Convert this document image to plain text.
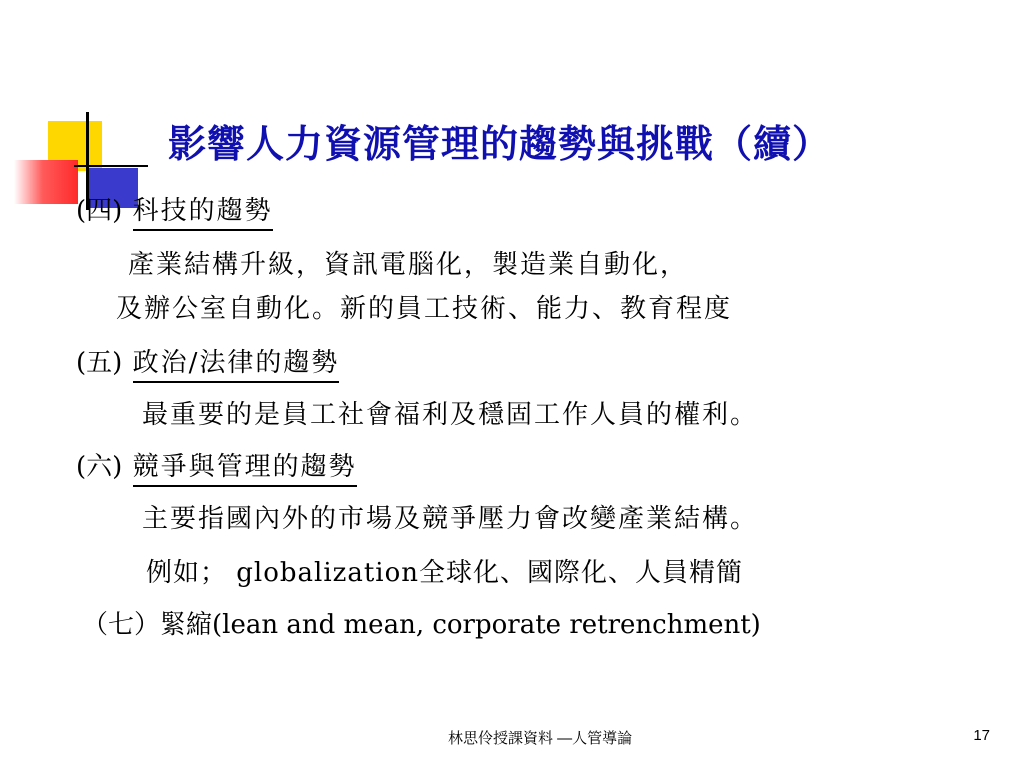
影響人力資源管理的趨勢與挑戰（續）
(四) 科技的趨勢
產業結構升級，資訊電腦化，製造業自動化，
及辦公室自動化。新的員工技術、能力、教育程度
(五) 政治/法律的趨勢
最重要的是員工社會福利及穩固工作人員的權利。
(六) 競爭與管理的趨勢
主要指國內外的市場及競爭壓力會改變產業結構。
例如； globalization全球化、國際化、人員精簡
（七）緊縮(lean and mean, corporate retrenchment)
林思伶授課資料 —人管導論	17
